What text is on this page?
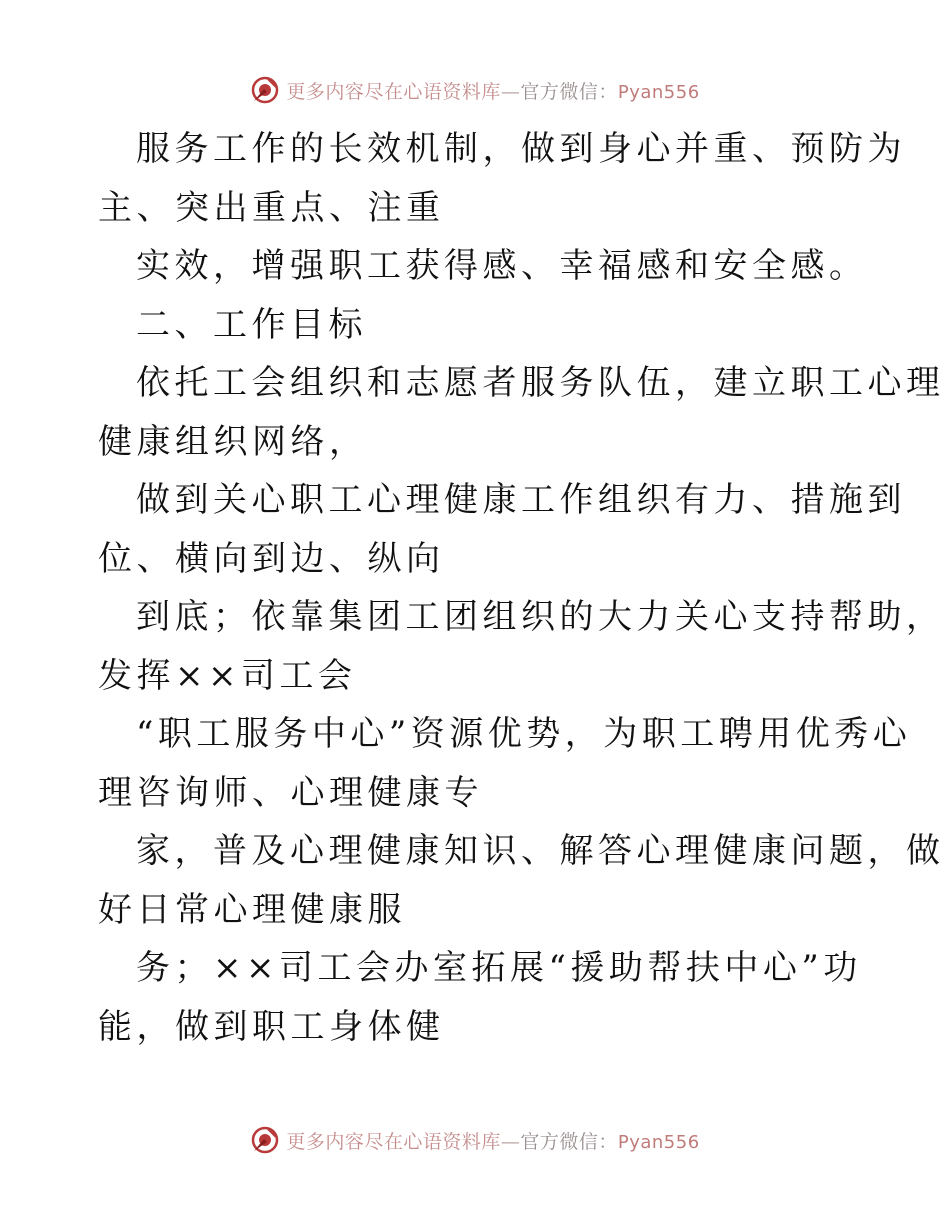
更多内容尽在心语资料库—官方微信：Pyan556
服务工作的长效机制，做到身心并重、预防为
主、突出重点、注重
实效，增强职工获得感、幸福感和安全感。
二、工作目标
依托工会组织和志愿者服务队伍，建立职工心理
健康组织网络，
做到关心职工心理健康工作组织有力、措施到
位、横向到边、纵向
到底；依靠集团工团组织的大力关心支持帮助，
发挥××司工会
“职工服务中心”资源优势，为职工聘用优秀心
理咨询师、心理健康专
家，普及心理健康知识、解答心理健康问题，做
好日常心理健康服
务；××司工会办室拓展“援助帮扶中心”功
能，做到职工身体健
更多内容尽在心语资料库—官方微信：Pyan556
